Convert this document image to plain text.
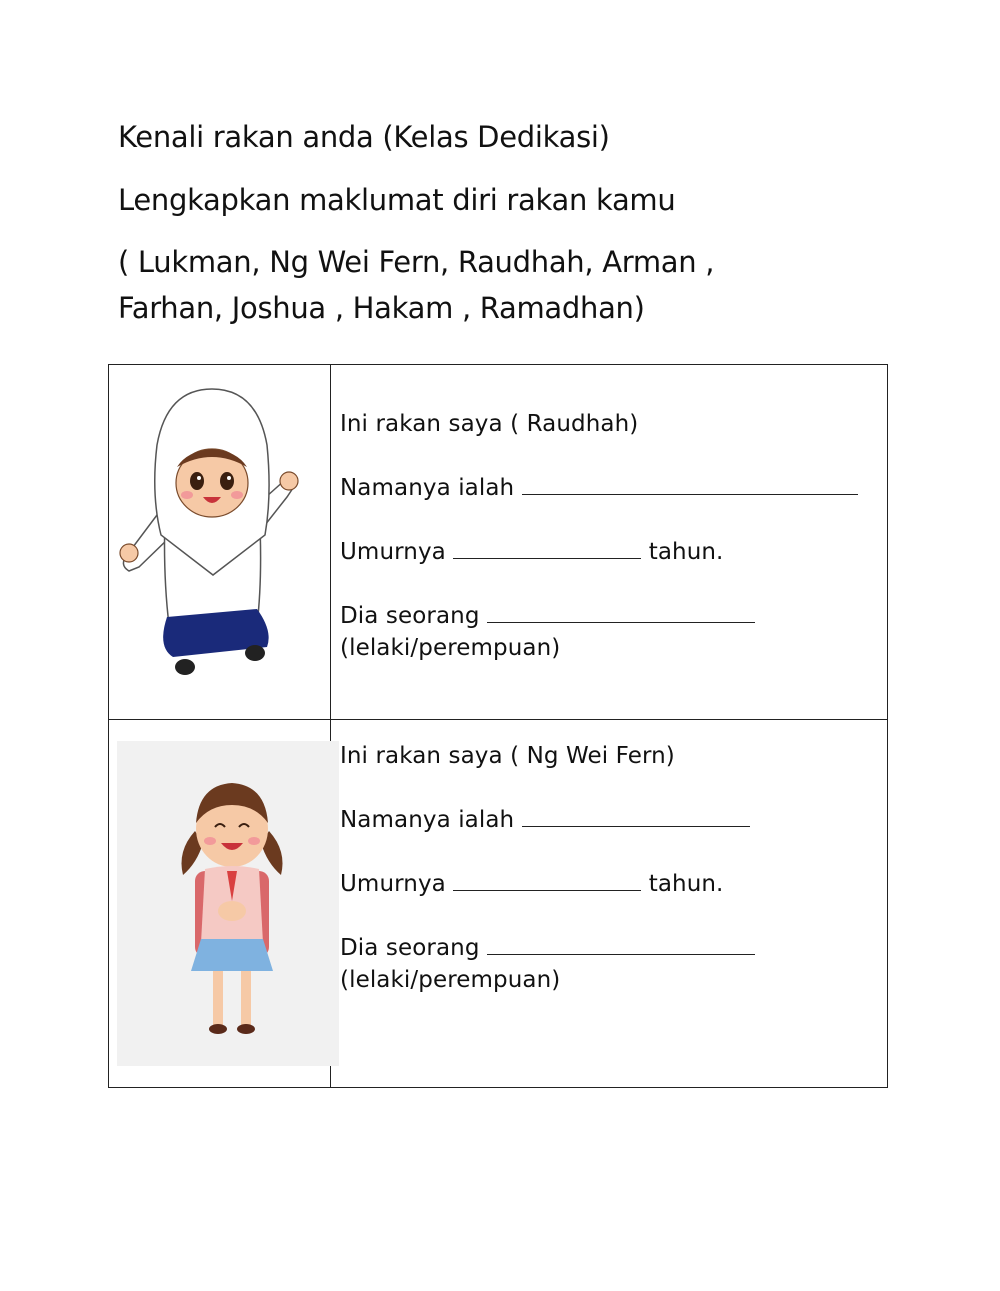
Kenali rakan anda (Kelas Dedikasi)
Lengkapkan maklumat diri rakan kamu
( Lukman, Ng Wei Fern, Raudhah, Arman ,
Farhan, Joshua , Hakam , Ramadhan)
Ini rakan saya ( Raudhah)
Namanya ialah
Umurnya	tahun.
Dia seorang
(lelaki/perempuan)
Ini rakan saya ( Ng Wei Fern)
Namanya ialah
Umurnya	tahun.
Dia seorang
(lelaki/perempuan)
